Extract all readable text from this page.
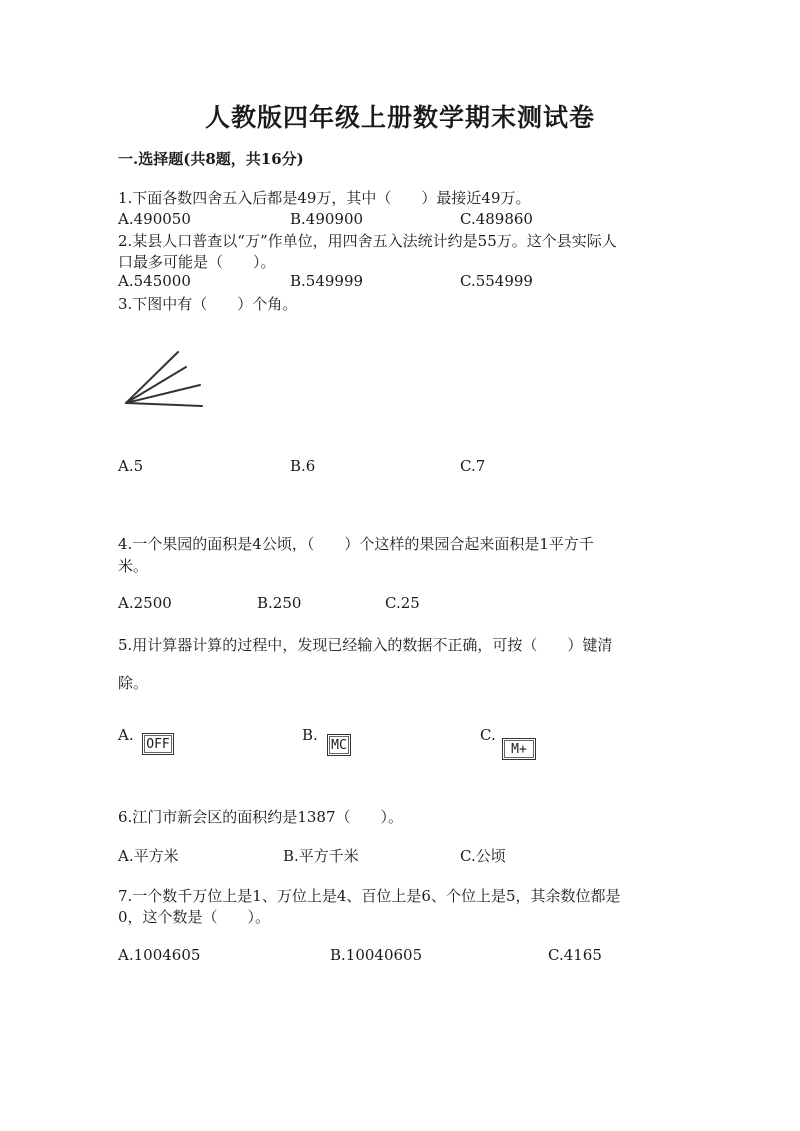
人教版四年级上册数学期末测试卷
一.选择题(共8题，共16分)
1.下面各数四舍五入后都是49万，其中（　　）最接近49万。
A.490050	B.490900	C.489860
2.某县人口普查以“万”作单位，用四舍五入法统计约是55万。这个县实际人
口最多可能是（　　）。
A.545000	B.549999	C.554999
3.下图中有（　　）个角。
A.5	B.6	C.7
4.一个果园的面积是4公顷，（　　）个这样的果园合起来面积是1平方千
米。
A.2500	B.250	C.25
5.用计算器计算的过程中，发现已经输入的数据不正确，可按（　　）键清
除。
A.
OFF
B.
MC
C.
M+
6.江门市新会区的面积约是1387（　　）。
A.平方米	B.平方千米	C.公顷
7.一个数千万位上是1、万位上是4、百位上是6、个位上是5，其余数位都是
0，这个数是（　　）。
A.1004605	B.10040605	C.4165
